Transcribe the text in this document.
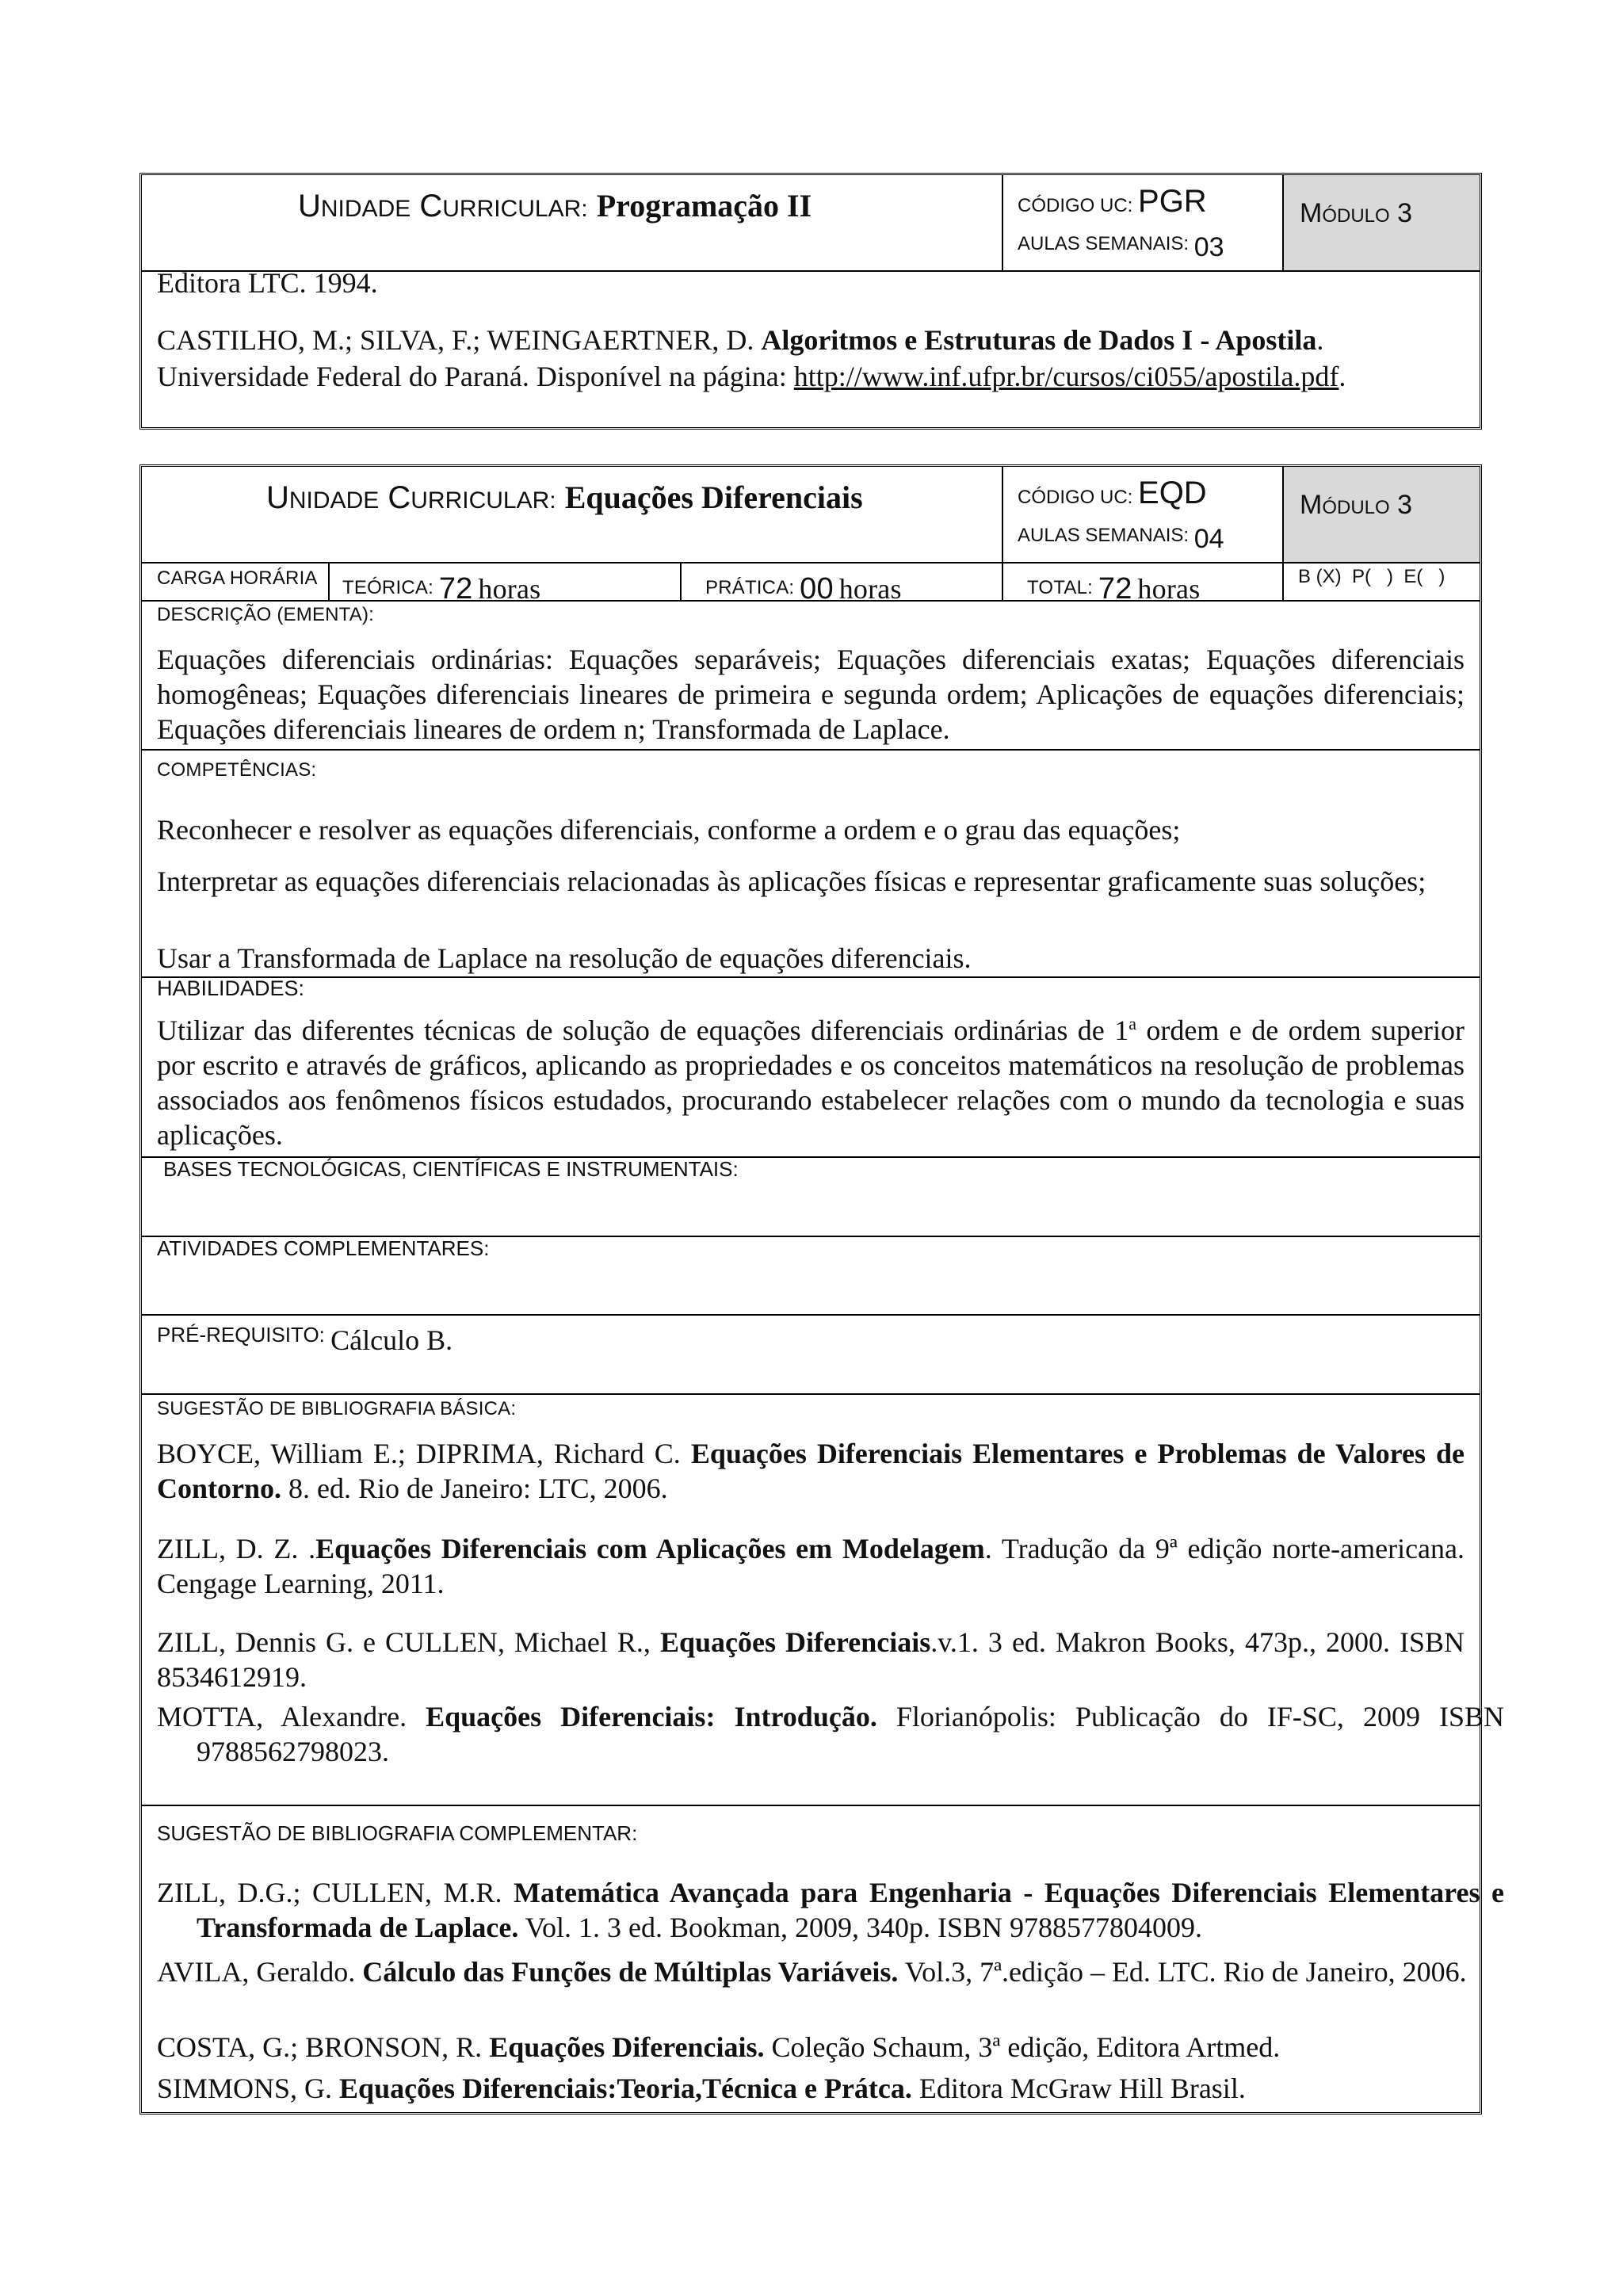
UNIDADE CURRICULAR: Programação II	CÓDIGO UC: PGR
AULAS SEMANAIS: 03
Módulo 3
Editora LTC. 1994.
CASTILHO, M.; SILVA, F.; WEINGAERTNER, D. Algoritmos e Estruturas de Dados I - Apostila.
Universidade Federal do Paraná. Disponível na página: http://www.inf.ufpr.br/cursos/ci055/apostila.pdf.
UNIDADE CURRICULAR: Equações Diferenciais	CÓDIGO UC: EQD
AULAS SEMANAIS: 04
Módulo 3
CARGA HORÁRIA TEÓRICA: 72 horas	PRÁTICA: 00 horas	TOTAL: 72 horas	B (X)  P(   )  E(   )
DESCRIÇÃO (EMENTA):
Equações diferenciais ordinárias: Equações separáveis; Equações diferenciais exatas; Equações diferenciais homogêneas; Equações diferenciais lineares de primeira e segunda ordem; Aplicações de equações diferenciais; Equações diferenciais lineares de ordem n; Transformada de Laplace.
COMPETÊNCIAS:
Reconhecer e resolver as equações diferenciais, conforme a ordem e o grau das equações;
Interpretar as equações diferenciais relacionadas às aplicações físicas e representar graficamente suas soluções;
Usar a Transformada de Laplace na resolução de equações diferenciais.
HABILIDADES:
Utilizar das diferentes técnicas de solução de equações diferenciais ordinárias de 1$^a$ ordem e de ordem superior por escrito e através de gráficos, aplicando as propriedades e os conceitos matemáticos na resolução de problemas associados aos fenômenos físicos estudados, procurando estabelecer relações com o mundo da tecnologia e suas aplicações.
BASES TECNOLÓGICAS, CIENTÍFICAS E INSTRUMENTAIS:
ATIVIDADES COMPLEMENTARES:
PRÉ-REQUISITO: Cálculo B.
SUGESTÃO DE BIBLIOGRAFIA BÁSICA:
BOYCE, William E.; DIPRIMA, Richard C. Equações Diferenciais Elementares e Problemas de Valores de Contorno. 8. ed. Rio de Janeiro: LTC, 2006.
ZILL, D. Z. .Equações Diferenciais com Aplicações em Modelagem. Tradução da 9ª edição norte-americana. Cengage Learning, 2011.
ZILL, Dennis G. e CULLEN, Michael R., Equações Diferenciais.v.1. 3 ed. Makron Books, 473p., 2000. ISBN 8534612919.
MOTTA, Alexandre. Equações Diferenciais: Introdução. Florianópolis: Publicação do IF-SC, 2009 ISBN 9788562798023.
SUGESTÃO DE BIBLIOGRAFIA COMPLEMENTAR:
ZILL, D.G.; CULLEN, M.R. Matemática Avançada para Engenharia - Equações Diferenciais Elementares e Transformada de Laplace. Vol. 1. 3 ed. Bookman, 2009, 340p. ISBN 9788577804009.
AVILA, Geraldo. Cálculo das Funções de Múltiplas Variáveis. Vol.3, 7ª.edição – Ed. LTC. Rio de Janeiro, 2006.
COSTA, G.; BRONSON, R. Equações Diferenciais. Coleção Schaum, 3ª edição, Editora Artmed.
SIMMONS, G. Equações Diferenciais:Teoria,Técnica e Prátca. Editora McGraw Hill Brasil.
